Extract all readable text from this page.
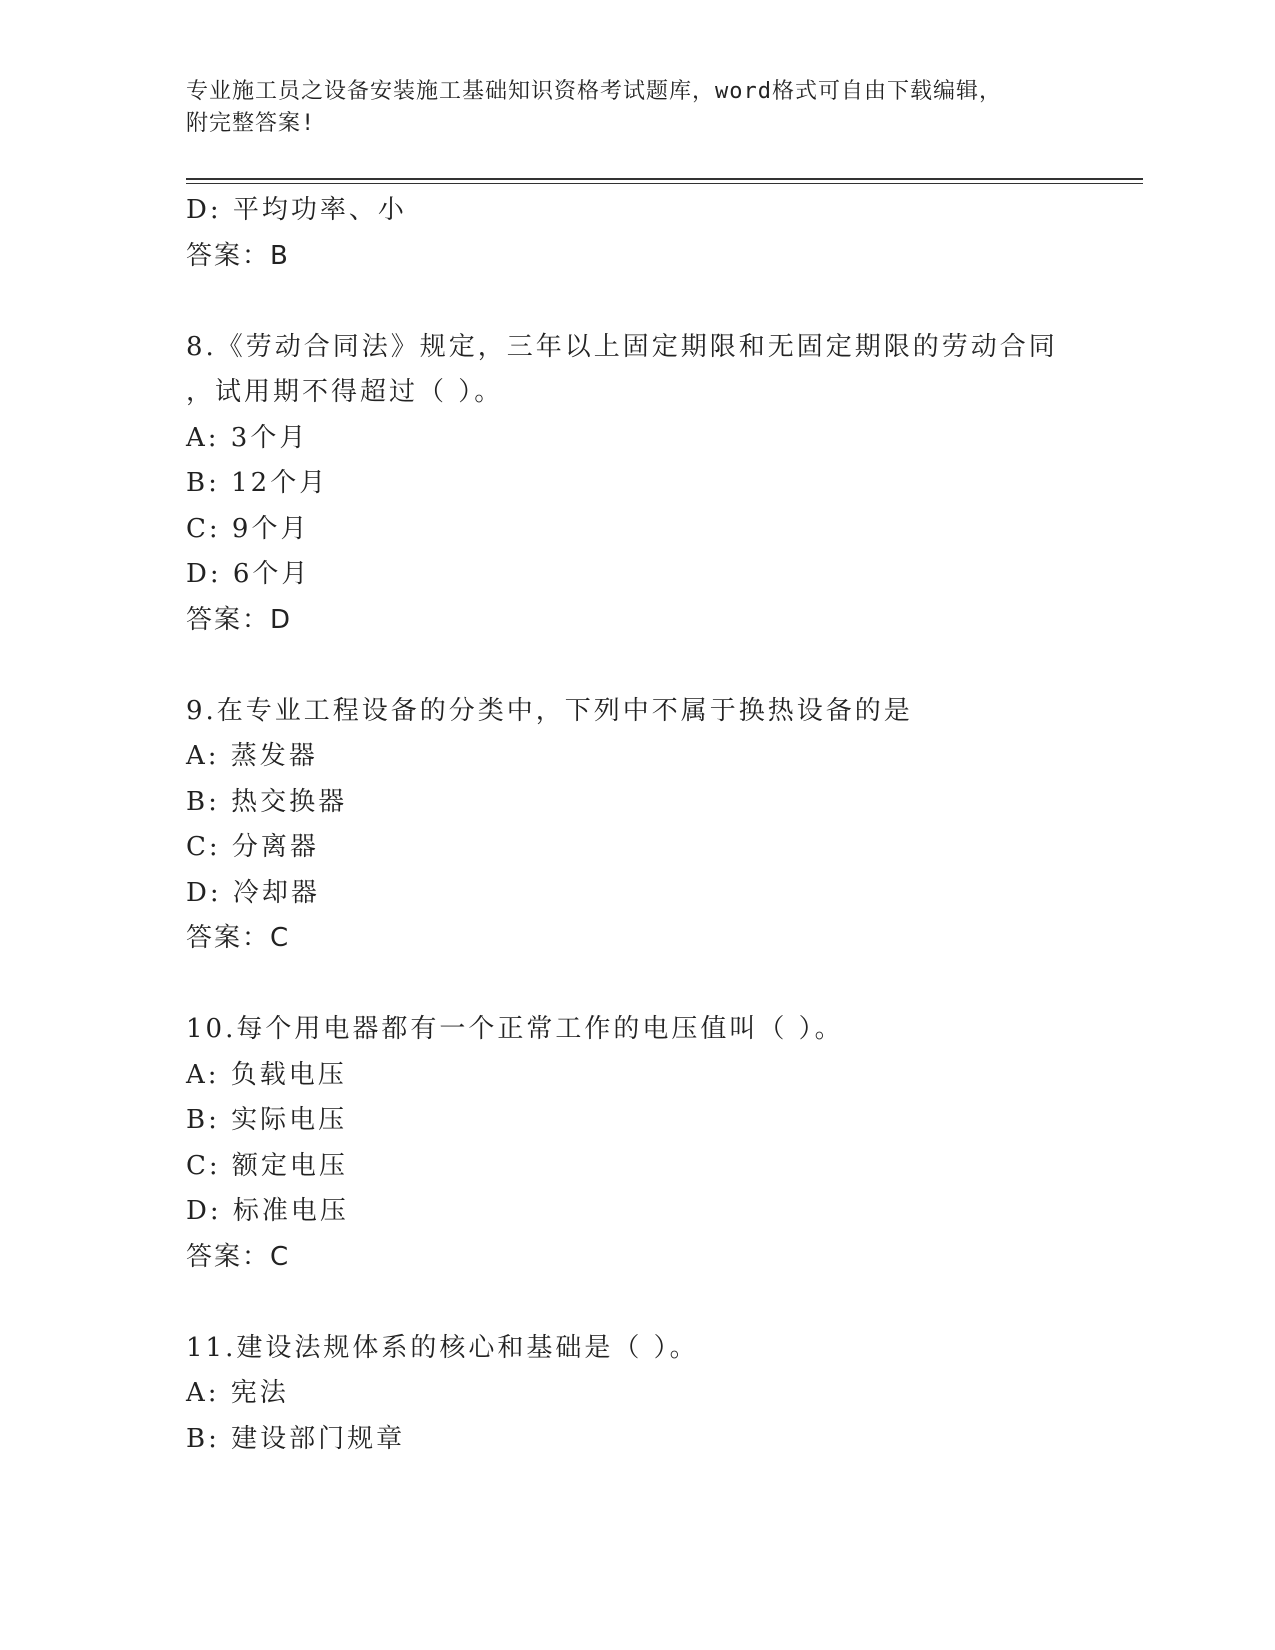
专业施工员之设备安装施工基础知识资格考试题库，word格式可自由下载编辑，
附完整答案!
D: 平均功率、小
答案：B
8.《劳动合同法》规定，三年以上固定期限和无固定期限的劳动合同
，试用期不得超过（ ）。
A: 3个月
B: 12个月
C: 9个月
D: 6个月
答案：D
9.在专业工程设备的分类中，下列中不属于换热设备的是
A: 蒸发器
B: 热交换器
C: 分离器
D: 冷却器
答案：C
10.每个用电器都有一个正常工作的电压值叫（ ）。
A: 负载电压
B: 实际电压
C: 额定电压
D: 标准电压
答案：C
11.建设法规体系的核心和基础是（ ）。
A: 宪法
B: 建设部门规章
